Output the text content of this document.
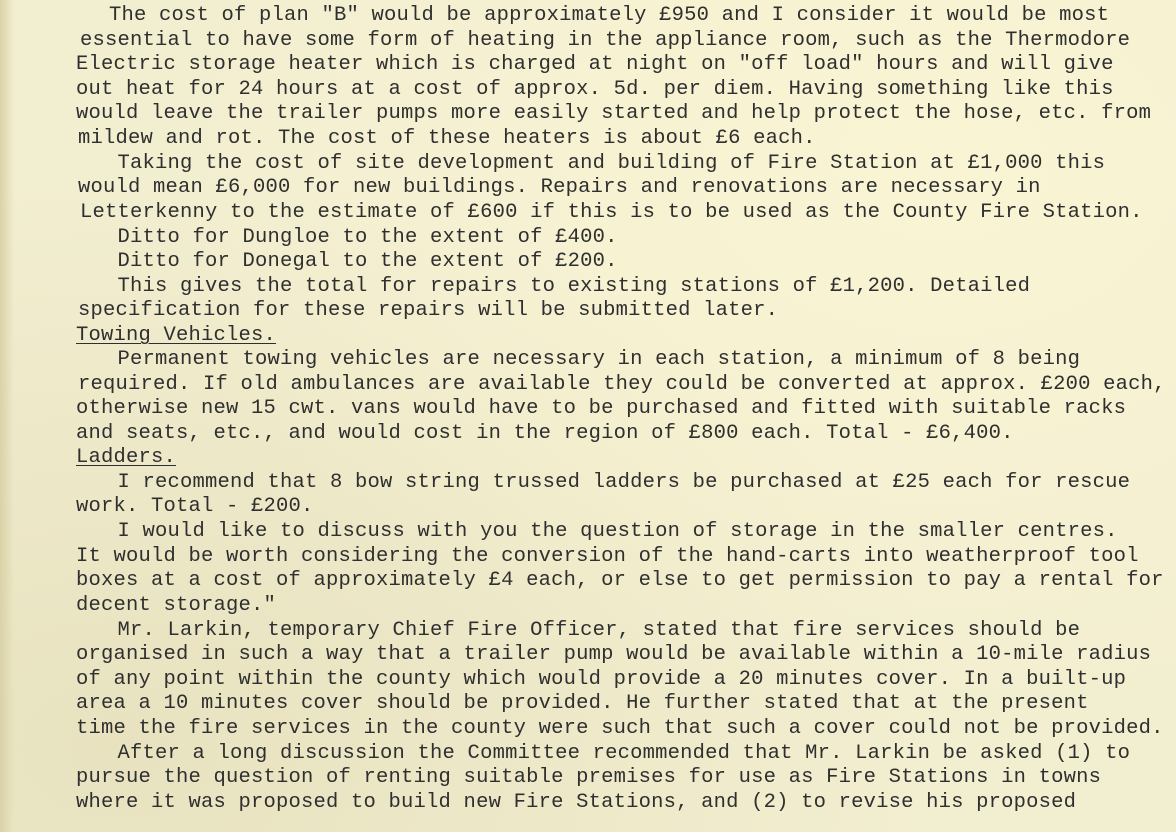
The cost of plan "B" would be approximately £950 and I consider it would be most
essential to have some form of heating in the appliance room, such as the Thermodore
Electric storage heater which is charged at night on "off load" hours and will give
out heat for 24 hours at a cost of approx. 5d. per diem. Having something like this
would leave the trailer pumps more easily started and help protect the hose, etc. from
mildew and rot. The cost of these heaters is about £6 each.
Taking the cost of site development and building of Fire Station at £1,000 this
would mean £6,000 for new buildings. Repairs and renovations are necessary in
Letterkenny to the estimate of £600 if this is to be used as the County Fire Station.
Ditto for Dungloe to the extent of £400.
Ditto for Donegal to the extent of £200.
This gives the total for repairs to existing stations of £1,200. Detailed
specification for these repairs will be submitted later.
Towing Vehicles.
Permanent towing vehicles are necessary in each station, a minimum of 8 being
required. If old ambulances are available they could be converted at approx. £200 each,
otherwise new 15 cwt. vans would have to be purchased and fitted with suitable racks
and seats, etc., and would cost in the region of £800 each. Total - £6,400.
Ladders.
I recommend that 8 bow string trussed ladders be purchased at £25 each for rescue
work. Total - £200.
I would like to discuss with you the question of storage in the smaller centres.
It would be worth considering the conversion of the hand-carts into weatherproof tool
boxes at a cost of approximately £4 each, or else to get permission to pay a rental for
decent storage."
Mr. Larkin, temporary Chief Fire Officer, stated that fire services should be
organised in such a way that a trailer pump would be available within a 10-mile radius
of any point within the county which would provide a 20 minutes cover. In a built-up
area a 10 minutes cover should be provided. He further stated that at the present
time the fire services in the county were such that such a cover could not be provided.
After a long discussion the Committee recommended that Mr. Larkin be asked (1) to
pursue the question of renting suitable premises for use as Fire Stations in towns
where it was proposed to build new Fire Stations, and (2) to revise his proposed
